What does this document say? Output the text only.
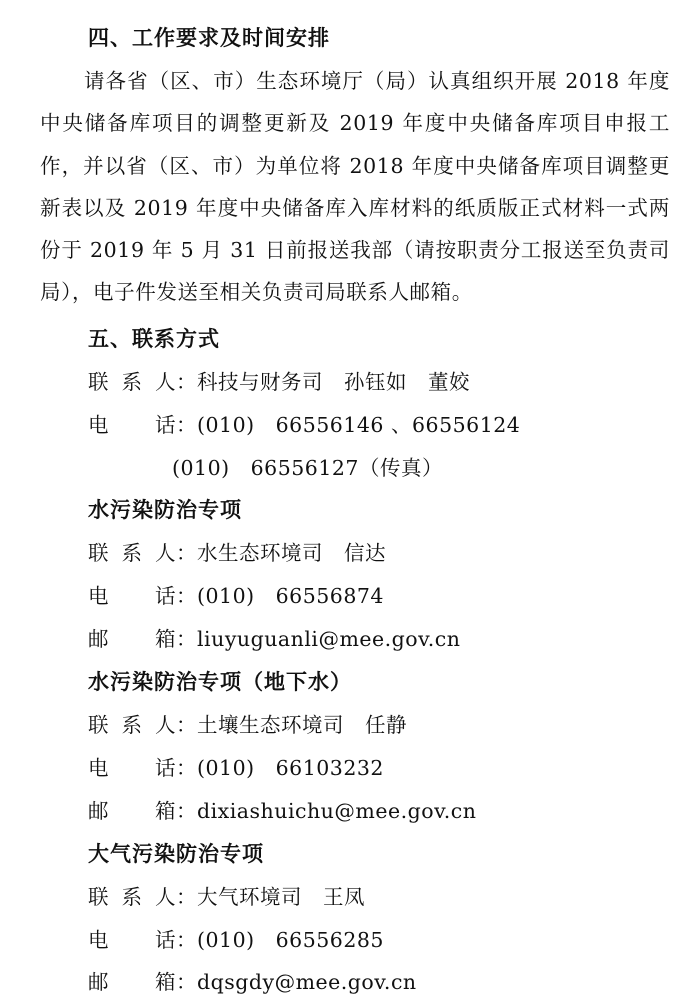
四、工作要求及时间安排
请各省（区、市）生态环境厅（局）认真组织开展 2018 年度中央储备库项目的调整更新及 2019 年度中央储备库项目申报工作，并以省（区、市）为单位将 2018 年度中央储备库项目调整更新表以及 2019 年度中央储备库入库材料的纸质版正式材料一式两份于 2019 年 5 月 31 日前报送我部（请按职责分工报送至负责司局），电子件发送至相关负责司局联系人邮箱。
五、联系方式
联系人：科技与财务司　孙钰如　董姣
电　话：(010)　66556146 、66556124
(010)　66556127（传真）
水污染防治专项
联系人：水生态环境司　信达
电　话：(010)　66556874
邮　箱：liuyuguanli@mee.gov.cn
水污染防治专项（地下水）
联系人：土壤生态环境司　任静
电　话：(010)　66103232
邮　箱：dixiashuichu@mee.gov.cn
大气污染防治专项
联系人：大气环境司　王凤
电　话：(010)　66556285
邮　箱：dqsgdy@mee.gov.cn
